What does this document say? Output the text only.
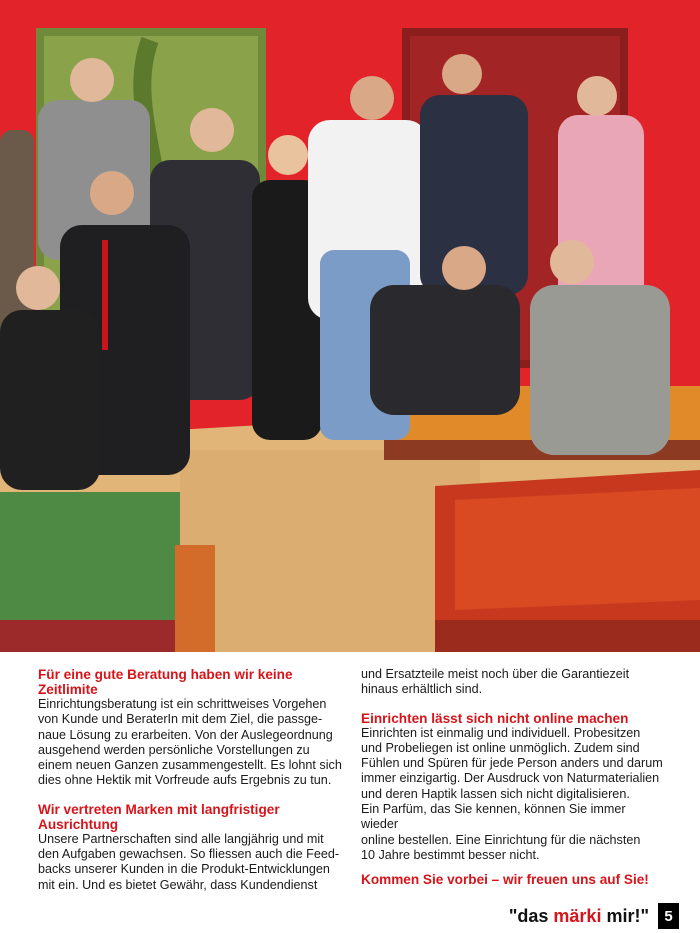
Für eine gute Beratung haben wir keine
Zeitlimite

Einrichtungsberatung ist ein schrittweises Vorgehen
von Kunde und BeraterIn mit dem Ziel, die passge-
naue Lösung zu erarbeiten. Von der Auslegeordnung
ausgehend werden persönliche Vorstellungen zu
einem neuen Ganzen zusammengestellt. Es lohnt sich
dies ohne Hektik mit Vorfreude aufs Ergebnis zu tun.

Wir vertreten Marken mit langfristiger
Ausrichtung

Unsere Partnerschaften sind alle langjährig und mit
den Aufgaben gewachsen. So fliessen auch die Feed-
backs unserer Kunden in die Produkt-Entwicklungen
mit ein. Und es bietet Gewähr, dass Kundendienst

und Ersatzteile meist noch über die Garantiezeit
hinaus erhältlich sind.

Einrichten lässt sich nicht online machen

Einrichten ist einmalig und individuell. Probesitzen
und Probeliegen ist online unmöglich. Zudem sind
Fühlen und Spüren für jede Person anders und darum
immer einzigartig. Der Ausdruck von Naturmaterialien
und deren Haptik lassen sich nicht digitalisieren.
Ein Parfüm, das Sie kennen, können Sie immer wieder
online bestellen. Eine Einrichtung für die nächsten
10 Jahre bestimmt besser nicht.

Kommen Sie vorbei – wir freuen uns auf Sie!
"das märki mir!"	5
